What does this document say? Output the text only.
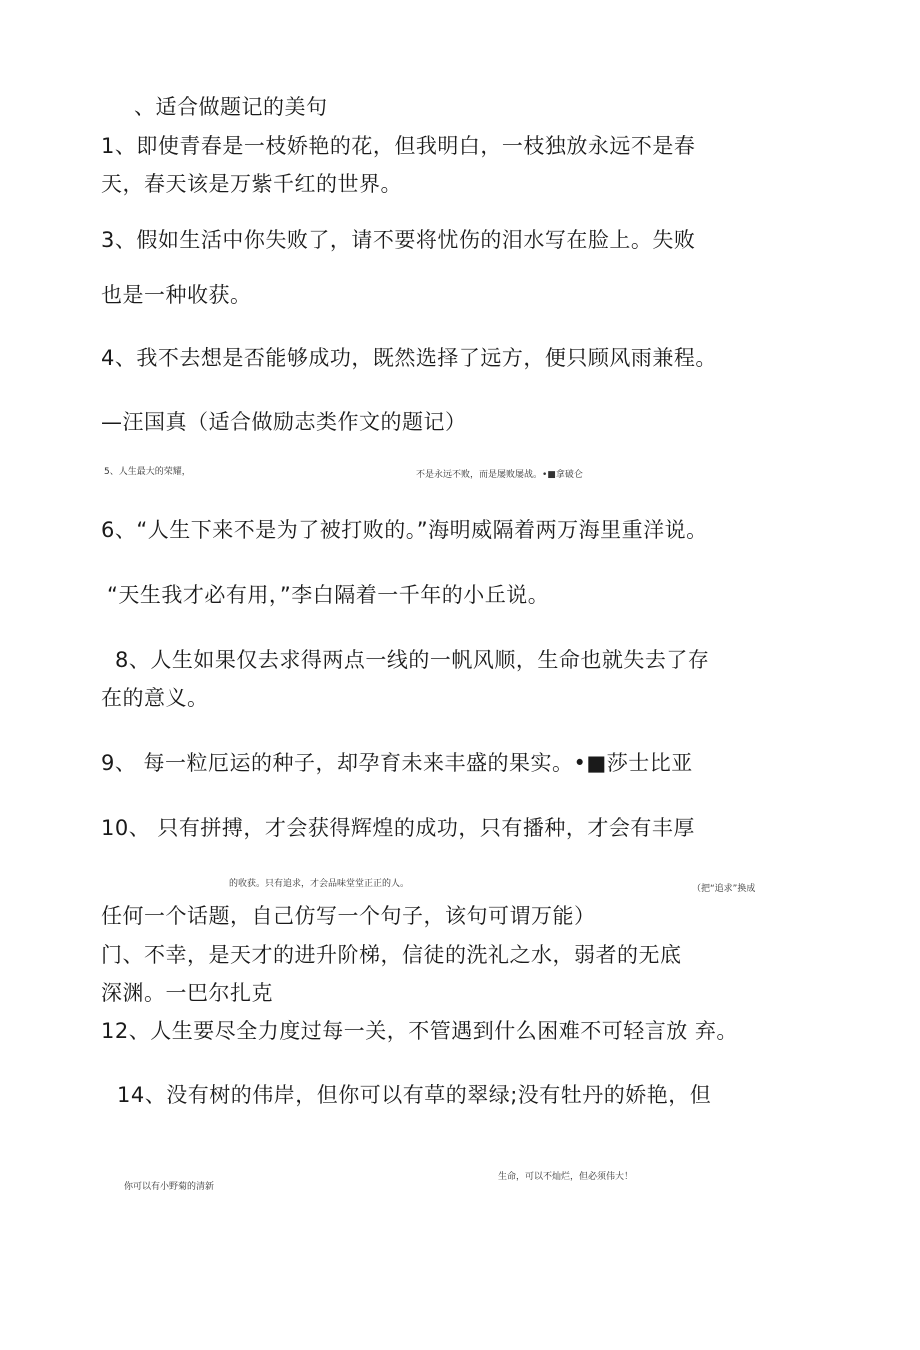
、适合做题记的美句
1、即使青春是一枝娇艳的花，但我明白，一枝独放永远不是春
天，春天该是万紫千红的世界。
3、假如生活中你失败了，请不要将忧伤的泪水写在脸上。失败
也是一种收获。
4、我不去想是否能够成功，既然选择了远方，便只顾风雨兼程。
—汪国真（适合做励志类作文的题记）
5、人生最大的荣耀，	不是永远不败，而是屡败屡战。•■拿破仑
6、“人生下来不是为了被打败的。”海明威隔着两万海里重洋说。
“天生我才必有用，”李白隔着一千年的小丘说。
8、人生如果仅去求得两点一线的一帆风顺，生命也就失去了存
在的意义。
9、 每一粒厄运的种子，却孕育未来丰盛的果实。•■莎士比亚
10、 只有拼搏，才会获得辉煌的成功，只有播种，才会有丰厚
的收获。只有追求，才会品味堂堂正正的人。	（把“追求”换成
任何一个话题，自己仿写一个句子，该句可谓万能）
门、不幸，是天才的进升阶梯，信徒的洗礼之水，弱者的无底
深渊。一巴尔扎克
12、人生要尽全力度过每一关，不管遇到什么困难不可轻言放 弃。
14、没有树的伟岸，但你可以有草的翠绿;没有牡丹的娇艳，但
你可以有小野菊的清新
生命，可以不灿烂，但必须伟大！
